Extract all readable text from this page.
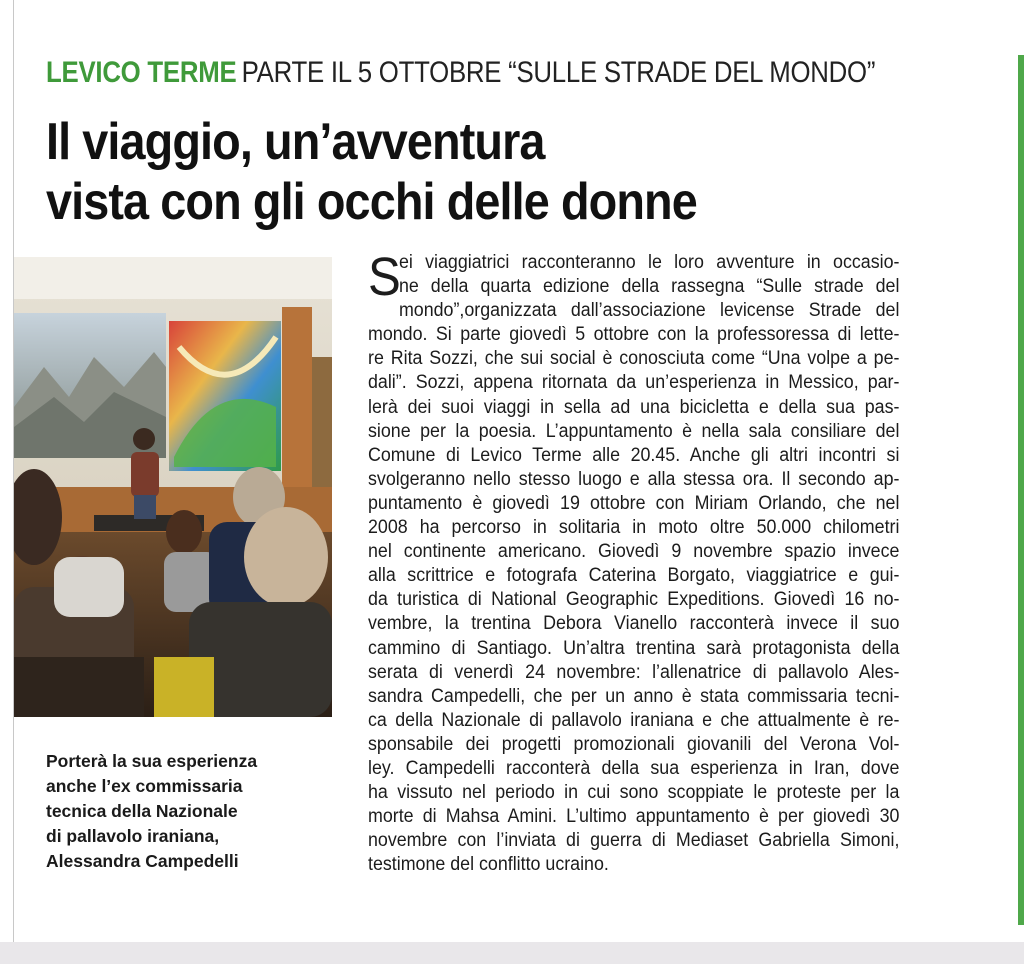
LEVICO TERME PARTE IL 5 OTTOBRE “SULLE STRADE DEL MONDO”
Il viaggio, un’avventura
vista con gli occhi delle donne

Porterà la sua esperienza
anche l’ex commissaria
tecnica della Nazionale
di pallavolo iraniana,
Alessandra Campedelli

S
ei viaggiatrici racconteranno le loro avventure in occasio-
ne della quarta edizione della rassegna “Sulle strade del
mondo”,organizzata dall’associazione levicense Strade del
mondo. Si parte giovedì 5 ottobre con la professoressa di lette-
re Rita Sozzi, che sui social è conosciuta come “Una volpe a pe-
dali”. Sozzi, appena ritornata da un’esperienza in Messico, par-
lerà dei suoi viaggi in sella ad una bicicletta e della sua pas-
sione per la poesia. L’appuntamento è nella sala consiliare del
Comune di Levico Terme alle 20.45. Anche gli altri incontri si
svolgeranno nello stesso luogo e alla stessa ora. Il secondo ap-
puntamento è giovedì 19 ottobre con Miriam Orlando, che nel
2008 ha percorso in solitaria in moto oltre 50.000 chilometri
nel continente americano. Giovedì 9 novembre spazio invece
alla scrittrice e fotografa Caterina Borgato, viaggiatrice e gui-
da turistica di National Geographic Expeditions. Giovedì 16 no-
vembre, la trentina Debora Vianello racconterà invece il suo
cammino di Santiago. Un’altra trentina sarà protagonista della
serata di venerdì 24 novembre: l’allenatrice di pallavolo Ales-
sandra Campedelli, che per un anno è stata commissaria tecni-
ca della Nazionale di pallavolo iraniana e che attualmente è re-
sponsabile dei progetti promozionali giovanili del Verona Vol-
ley. Campedelli racconterà della sua esperienza in Iran, dove
ha vissuto nel periodo in cui sono scoppiate le proteste per la
morte di Mahsa Amini. L’ultimo appuntamento è per giovedì 30
novembre con l’inviata di guerra di Mediaset Gabriella Simoni,
testimone del conflitto ucraino.
